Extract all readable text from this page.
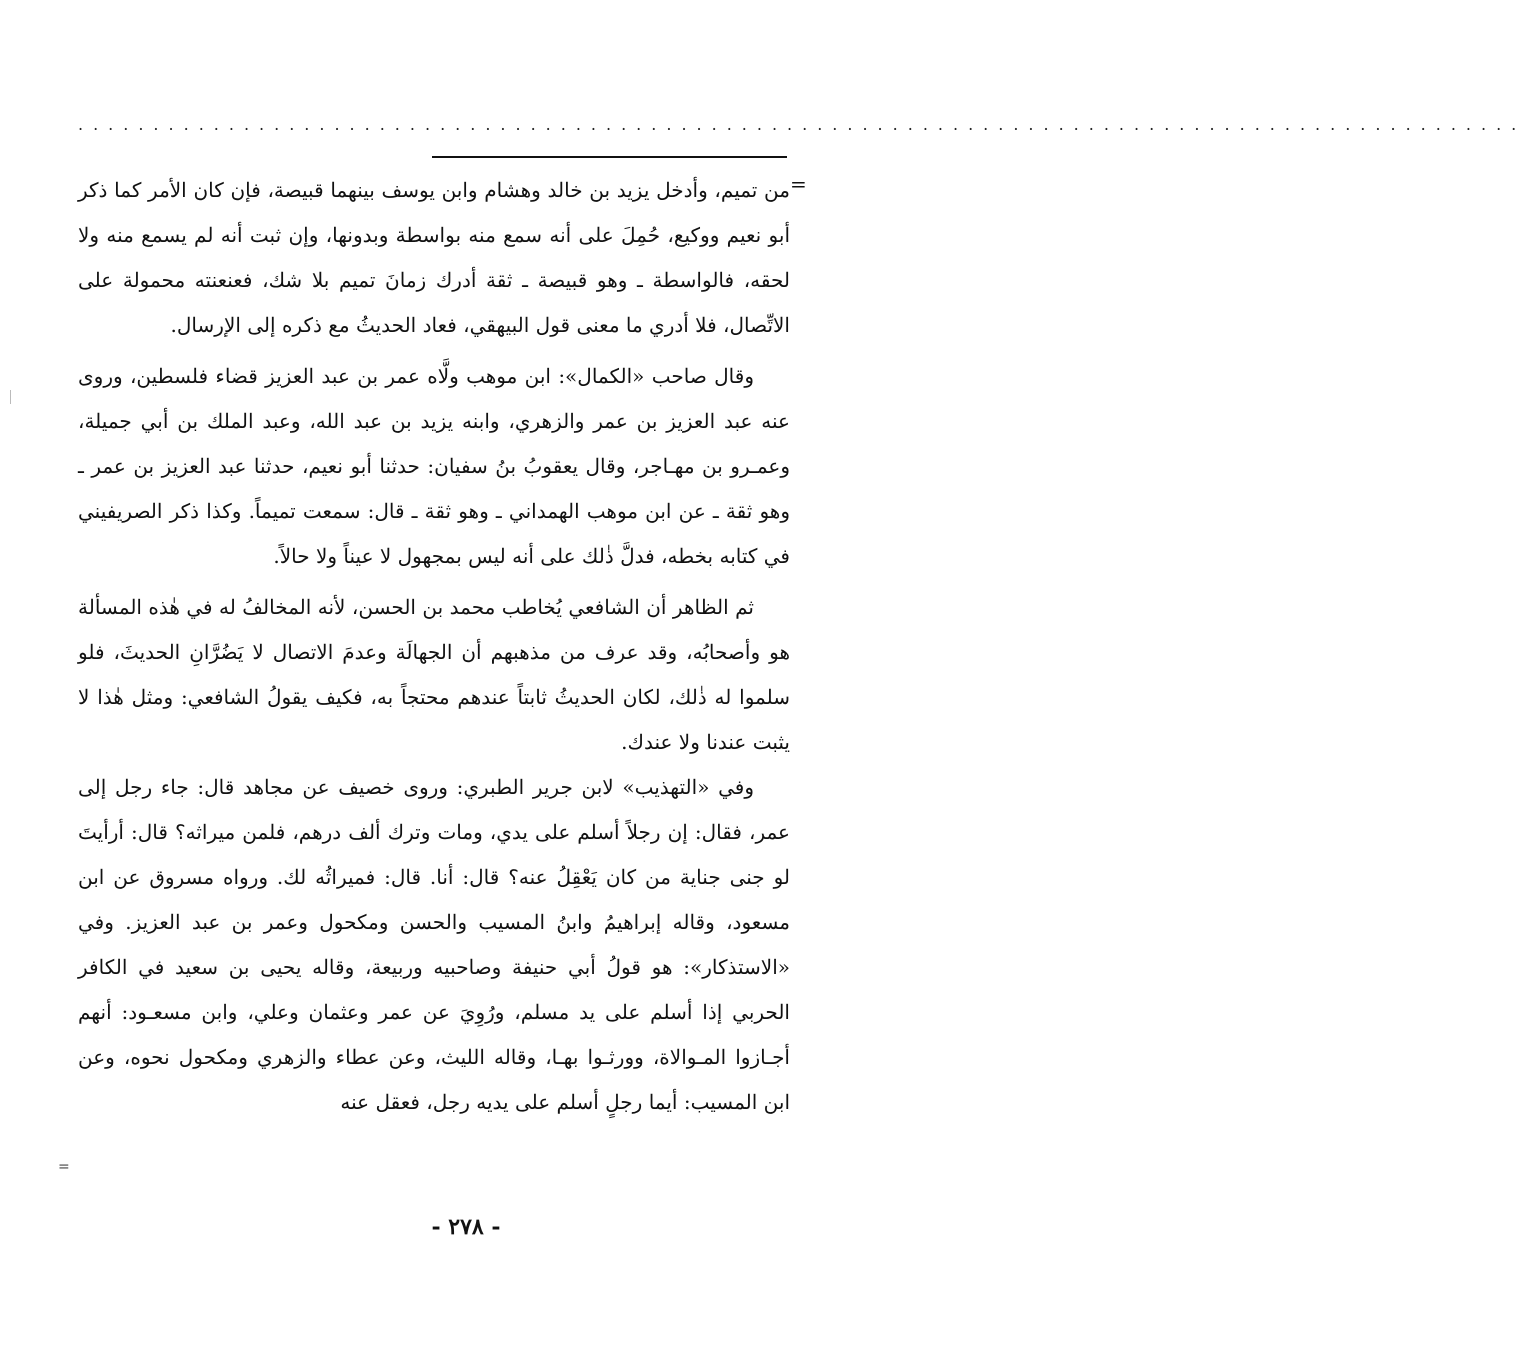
................................................................................................
=

من تميم، وأدخل يزيد بن خالد وهشام وابن يوسف بينهما قبيصة، فإن كان الأمر كما ذكر أبو نعيم ووكيع، حُمِلَ على أنه سمع منه بواسطة وبدونها، وإن ثبت أنه لم يسمع منه ولا لحقه، فالواسطة ـ وهو قبيصة ـ ثقة أدرك زمانَ تميم بلا شك، فعنعنته محمولة على الاتِّصال، فلا أدري ما معنى قول البيهقي، فعاد الحديثُ مع ذكره إلى الإرسال.

وقال صاحب «الكمال»: ابن موهب ولَّاه عمر بن عبد العزيز قضاء فلسطين، وروى عنه عبد العزيز بن عمر والزهري، وابنه يزيد بن عبد الله، وعبد الملك بن أبي جميلة، وعمـرو بن مهـاجر، وقال يعقوبُ بنُ سفيان: حدثنا أبو نعيم، حدثنا عبد العزيز بن عمر ـ وهو ثقة ـ عن ابن موهب الهمداني ـ وهو ثقة ـ قال: سمعت تميماً. وكذا ذكر الصريفيني في كتابه بخطه، فدلَّ ذٰلك على أنه ليس بمجهول لا عيناً ولا حالاً.

ثم الظاهر أن الشافعي يُخاطب محمد بن الحسن، لأنه المخالفُ له في هٰذه المسألة هو وأصحابُه، وقد عرف من مذهبهم أن الجهالَة وعدمَ الاتصال لا يَضُرَّانِ الحديثَ، فلو سلموا له ذٰلك، لكان الحديثُ ثابتاً عندهم محتجاً به، فكيف يقولُ الشافعي: ومثل هٰذا لا يثبت عندنا ولا عندك.

وفي «التهذيب» لابن جرير الطبري: وروى خصيف عن مجاهد قال: جاء رجل إلى عمر، فقال: إن رجلاً أسلم على يدي، ومات وترك ألف درهم، فلمن ميراثه؟ قال: أرأيتَ لو جنى جناية من كان يَعْقِلُ عنه؟ قال: أنا. قال: فميراثُه لك. ورواه مسروق عن ابن مسعود، وقاله إبراهيمُ وابنُ المسيب والحسن ومكحول وعمر بن عبد العزيز. وفي «الاستذكار»: هو قولُ أبي حنيفة وصاحبيه وربيعة، وقاله يحيى بن سعيد في الكافر الحربي إذا أسلم على يد مسلم، ورُوِيَ عن عمر وعثمان وعلي، وابن مسعـود: أنهم أجـازوا المـوالاة، وورثـوا بهـا، وقاله الليث، وعن عطاء والزهري ومكحول نحوه، وعن ابن المسيب: أيما رجلٍ أسلم على يديه رجل، فعقل عنه

=
- ٢٧٨ -
